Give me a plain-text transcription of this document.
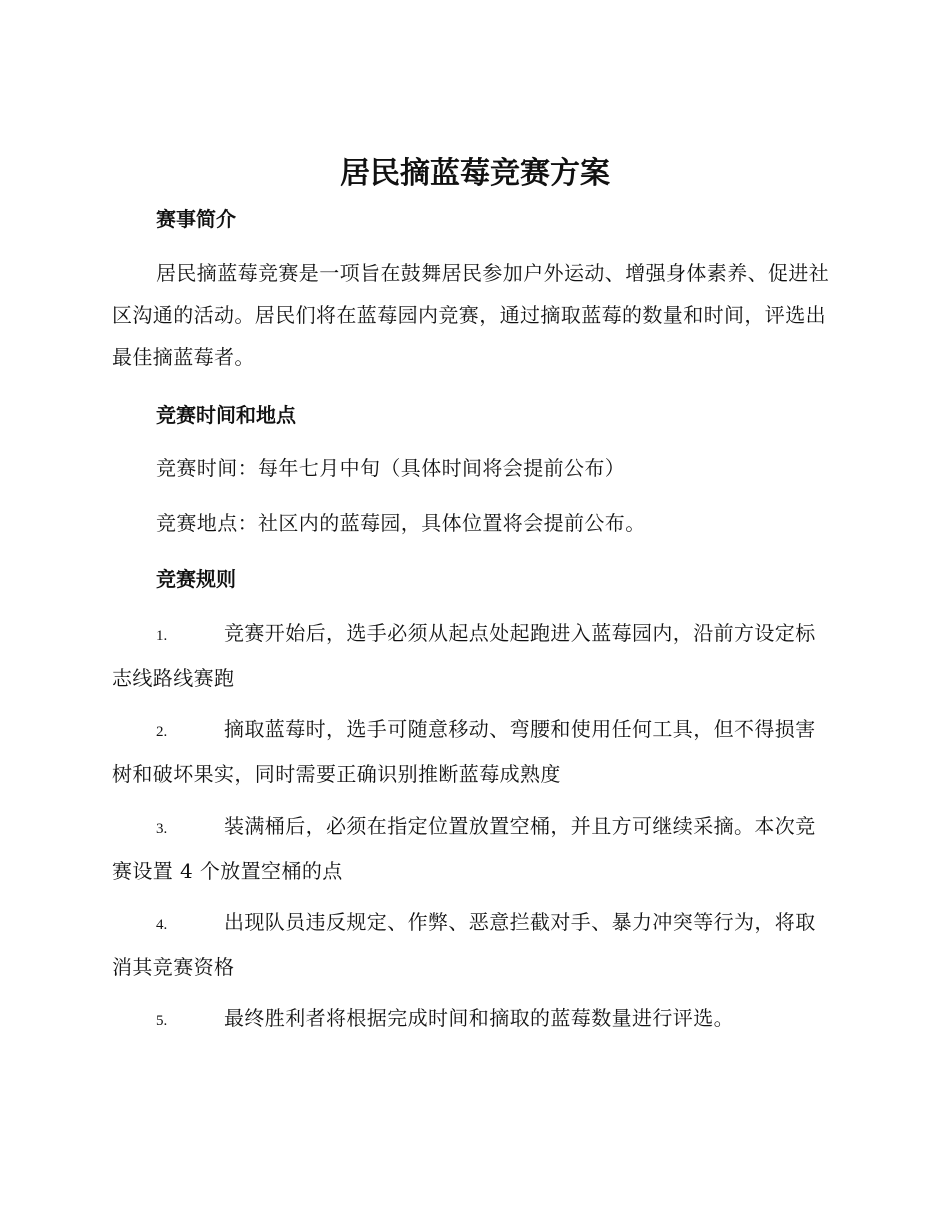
居民摘蓝莓竞赛方案
赛事简介

居民摘蓝莓竞赛是一项旨在鼓舞居民参加户外运动、增强身体素养、促进社区沟通的活动。居民们将在蓝莓园内竞赛，通过摘取蓝莓的数量和时间，评选出最佳摘蓝莓者。

竞赛时间和地点

竞赛时间：每年七月中旬（具体时间将会提前公布）

竞赛地点：社区内的蓝莓园，具体位置将会提前公布。

竞赛规则

1.	竞赛开始后，选手必须从起点处起跑进入蓝莓园内，沿前方设定标志线路线赛跑

2.	摘取蓝莓时，选手可随意移动、弯腰和使用任何工具，但不得损害树和破坏果实，同时需要正确识别推断蓝莓成熟度

3.	装满桶后，必须在指定位置放置空桶，并且方可继续采摘。本次竞赛设置 4 个放置空桶的点

4.	出现队员违反规定、作弊、恶意拦截对手、暴力冲突等行为，将取消其竞赛资格

5.	最终胜利者将根据完成时间和摘取的蓝莓数量进行评选。
